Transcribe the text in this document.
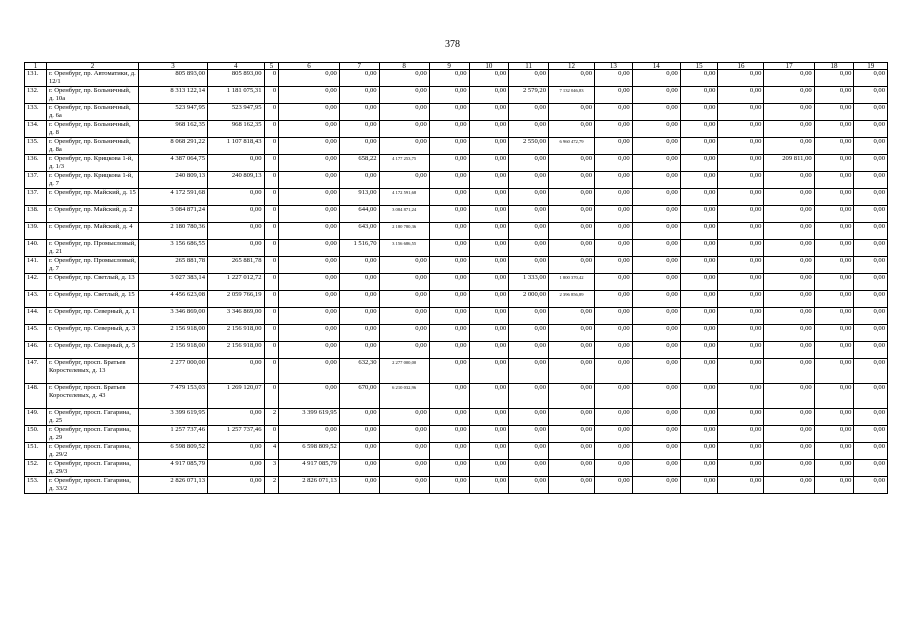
378
1	2	3	4	5	6	7	8	9	10	11	12	13	14	15	16	17	18	19
131.	г. Оренбург, пр. Автоматики, д. 12/1	805 893,00	805 893,00	0	0,00	0,00	0,00	0,00	0,00	0,00	0,00	0,00	0,00	0,00	0,00	0,00	0,00	0,00
132.	г. Оренбург, пр. Больничный, д. 10а	8 313 122,14	1 181 075,31	0	0,00	0,00	0,00	0,00	0,00	2 579,20	7 132 046,83	0,00	0,00	0,00	0,00	0,00	0,00	0,00
133.	г. Оренбург, пр. Больничный, д. 6а	523 947,95	523 947,95	0	0,00	0,00	0,00	0,00	0,00	0,00	0,00	0,00	0,00	0,00	0,00	0,00	0,00	0,00
134.	г. Оренбург, пр. Больничный, д. 8	968 162,35	968 162,35	0	0,00	0,00	0,00	0,00	0,00	0,00	0,00	0,00	0,00	0,00	0,00	0,00	0,00	0,00
135.	г. Оренбург, пр. Больничный, д. 8а	8 068 291,22	1 107 818,43	0	0,00	0,00	0,00	0,00	0,00	2 550,00	6 960 472,79	0,00	0,00	0,00	0,00	0,00	0,00	0,00
136.	г. Оренбург, пр. Крицкова 1-й, д. 1/3	4 387 064,75	0,00	0	0,00	658,22	4 177 253,75	0,00	0,00	0,00	0,00	0,00	0,00	0,00	0,00	209 811,00	0,00	0,00
137.	г. Оренбург, пр. Крицкова 1-й, д. 7	240 809,13	240 809,13	0	0,00	0,00	0,00	0,00	0,00	0,00	0,00	0,00	0,00	0,00	0,00	0,00	0,00	0,00
137.	г. Оренбург, пр. Майский, д. 15	4 172 591,68	0,00	0	0,00	913,00	4 172 591,68	0,00	0,00	0,00	0,00	0,00	0,00	0,00	0,00	0,00	0,00	0,00
138.	г. Оренбург, пр. Майский, д. 2	3 084 871,24	0,00	0	0,00	644,00	3 084 871,24	0,00	0,00	0,00	0,00	0,00	0,00	0,00	0,00	0,00	0,00	0,00
139.	г. Оренбург, пр. Майский, д. 4	2 180 780,36	0,00	0	0,00	643,00	2 180 780,36	0,00	0,00	0,00	0,00	0,00	0,00	0,00	0,00	0,00	0,00	0,00
140.	г. Оренбург, пр. Промысловый, д. 21	3 156 686,55	0,00	0	0,00	1 516,70	3 156 686,55	0,00	0,00	0,00	0,00	0,00	0,00	0,00	0,00	0,00	0,00	0,00
141.	г. Оренбург, пр. Промысловый, д. 7	265 881,78	265 881,78	0	0,00	0,00	0,00	0,00	0,00	0,00	0,00	0,00	0,00	0,00	0,00	0,00	0,00	0,00
142.	г. Оренбург, пр. Светлый, д. 13	3 027 383,14	1 227 012,72	0	0,00	0,00	0,00	0,00	0,00	1 333,00	1 800 370,42	0,00	0,00	0,00	0,00	0,00	0,00	0,00
143.	г. Оренбург, пр. Светлый, д. 15	4 456 623,08	2 059 766,19	0	0,00	0,00	0,00	0,00	0,00	2 000,00	2 396 856,89	0,00	0,00	0,00	0,00	0,00	0,00	0,00
144.	г. Оренбург, пр. Северный, д. 1	3 346 869,00	3 346 869,00	0	0,00	0,00	0,00	0,00	0,00	0,00	0,00	0,00	0,00	0,00	0,00	0,00	0,00	0,00
145.	г. Оренбург, пр. Северный, д. 3	2 156 918,00	2 156 918,00	0	0,00	0,00	0,00	0,00	0,00	0,00	0,00	0,00	0,00	0,00	0,00	0,00	0,00	0,00
146.	г. Оренбург, пр. Северный, д. 5	2 156 918,00	2 156 918,00	0	0,00	0,00	0,00	0,00	0,00	0,00	0,00	0,00	0,00	0,00	0,00	0,00	0,00	0,00
147.	г. Оренбург, просп. Братьев Коростелевых, д. 13	2 277 000,00	0,00	0	0,00	632,30	2 277 000,00	0,00	0,00	0,00	0,00	0,00	0,00	0,00	0,00	0,00	0,00	0,00
148.	г. Оренбург, просп. Братьев Коростелевых, д. 43	7 479 153,03	1 269 120,07	0	0,00	670,00	6 210 032,96	0,00	0,00	0,00	0,00	0,00	0,00	0,00	0,00	0,00	0,00	0,00
149.	г. Оренбург, просп. Гагарина, д. 25	3 399 619,95	0,00	2	3 399 619,95	0,00	0,00	0,00	0,00	0,00	0,00	0,00	0,00	0,00	0,00	0,00	0,00	0,00
150.	г. Оренбург, просп. Гагарина, д. 29	1 257 737,46	1 257 737,46	0	0,00	0,00	0,00	0,00	0,00	0,00	0,00	0,00	0,00	0,00	0,00	0,00	0,00	0,00
151.	г. Оренбург, просп. Гагарина, д. 29/2	6 598 809,52	0,00	4	6 598 809,52	0,00	0,00	0,00	0,00	0,00	0,00	0,00	0,00	0,00	0,00	0,00	0,00	0,00
152.	г. Оренбург, просп. Гагарина, д. 29/3	4 917 085,79	0,00	3	4 917 085,79	0,00	0,00	0,00	0,00	0,00	0,00	0,00	0,00	0,00	0,00	0,00	0,00	0,00
153.	г. Оренбург, просп. Гагарина, д. 33/2	2 826 071,13	0,00	2	2 826 071,13	0,00	0,00	0,00	0,00	0,00	0,00	0,00	0,00	0,00	0,00	0,00	0,00	0,00
